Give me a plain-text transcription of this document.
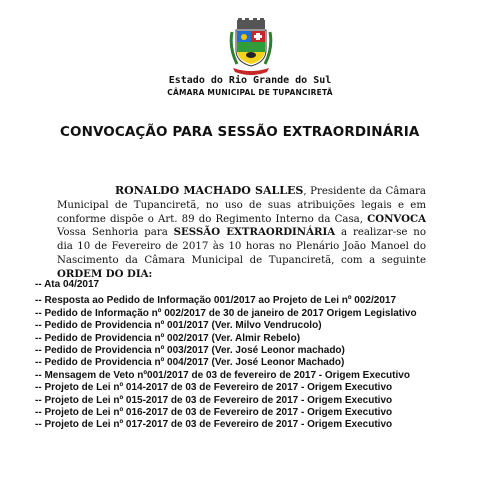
Estado do Rio Grande do Sul
CÂMARA MUNICIPAL DE TUPANCIRETÃ
CONVOCAÇÃO PARA SESSÃO EXTRAORDINÁRIA
RONALDO MACHADO SALLES, Presidente da Câmara Municipal de Tupanciretã, no uso de suas atribuições legais e em conforme dispõe o Art. 89 do Regimento Interno da Casa, CONVOCA Vossa Senhoria para SESSÃO EXTRAORDINÁRIA a realizar-se no dia 10 de Fevereiro de 2017 às 10 horas no Plenário João Manoel do Nascimento da Câmara Municipal de Tupanciretã, com a seguinte ORDEM DO DIA:
-- Ata 04/2017
-- Resposta ao Pedido de Informação 001/2017 ao Projeto de Lei nº 002/2017
-- Pedido de Informação nº 002/2017 de 30 de janeiro de 2017 Origem Legislativo
-- Pedido de Providencia nº 001/2017 (Ver. Milvo Vendrucolo)
-- Pedido de Providencia nº 002/2017 (Ver. Almir Rebelo)
-- Pedido de Providencia nº 003/2017 (Ver. José Leonor machado)
-- Pedido de Providencia nº 004/2017 (Ver. José Leonor Machado)
-- Mensagem de Veto nº001/2017 de 03 de fevereiro de 2017 - Origem Executivo
-- Projeto de Lei nº 014-2017 de 03 de Fevereiro de 2017 - Origem Executivo
-- Projeto de Lei nº 015-2017 de 03 de Fevereiro de 2017 - Origem Executivo
-- Projeto de Lei nº 016-2017 de 03 de Fevereiro de 2017 - Origem Executivo
-- Projeto de Lei nº 017-2017 de 03 de Fevereiro de 2017 - Origem Executivo
